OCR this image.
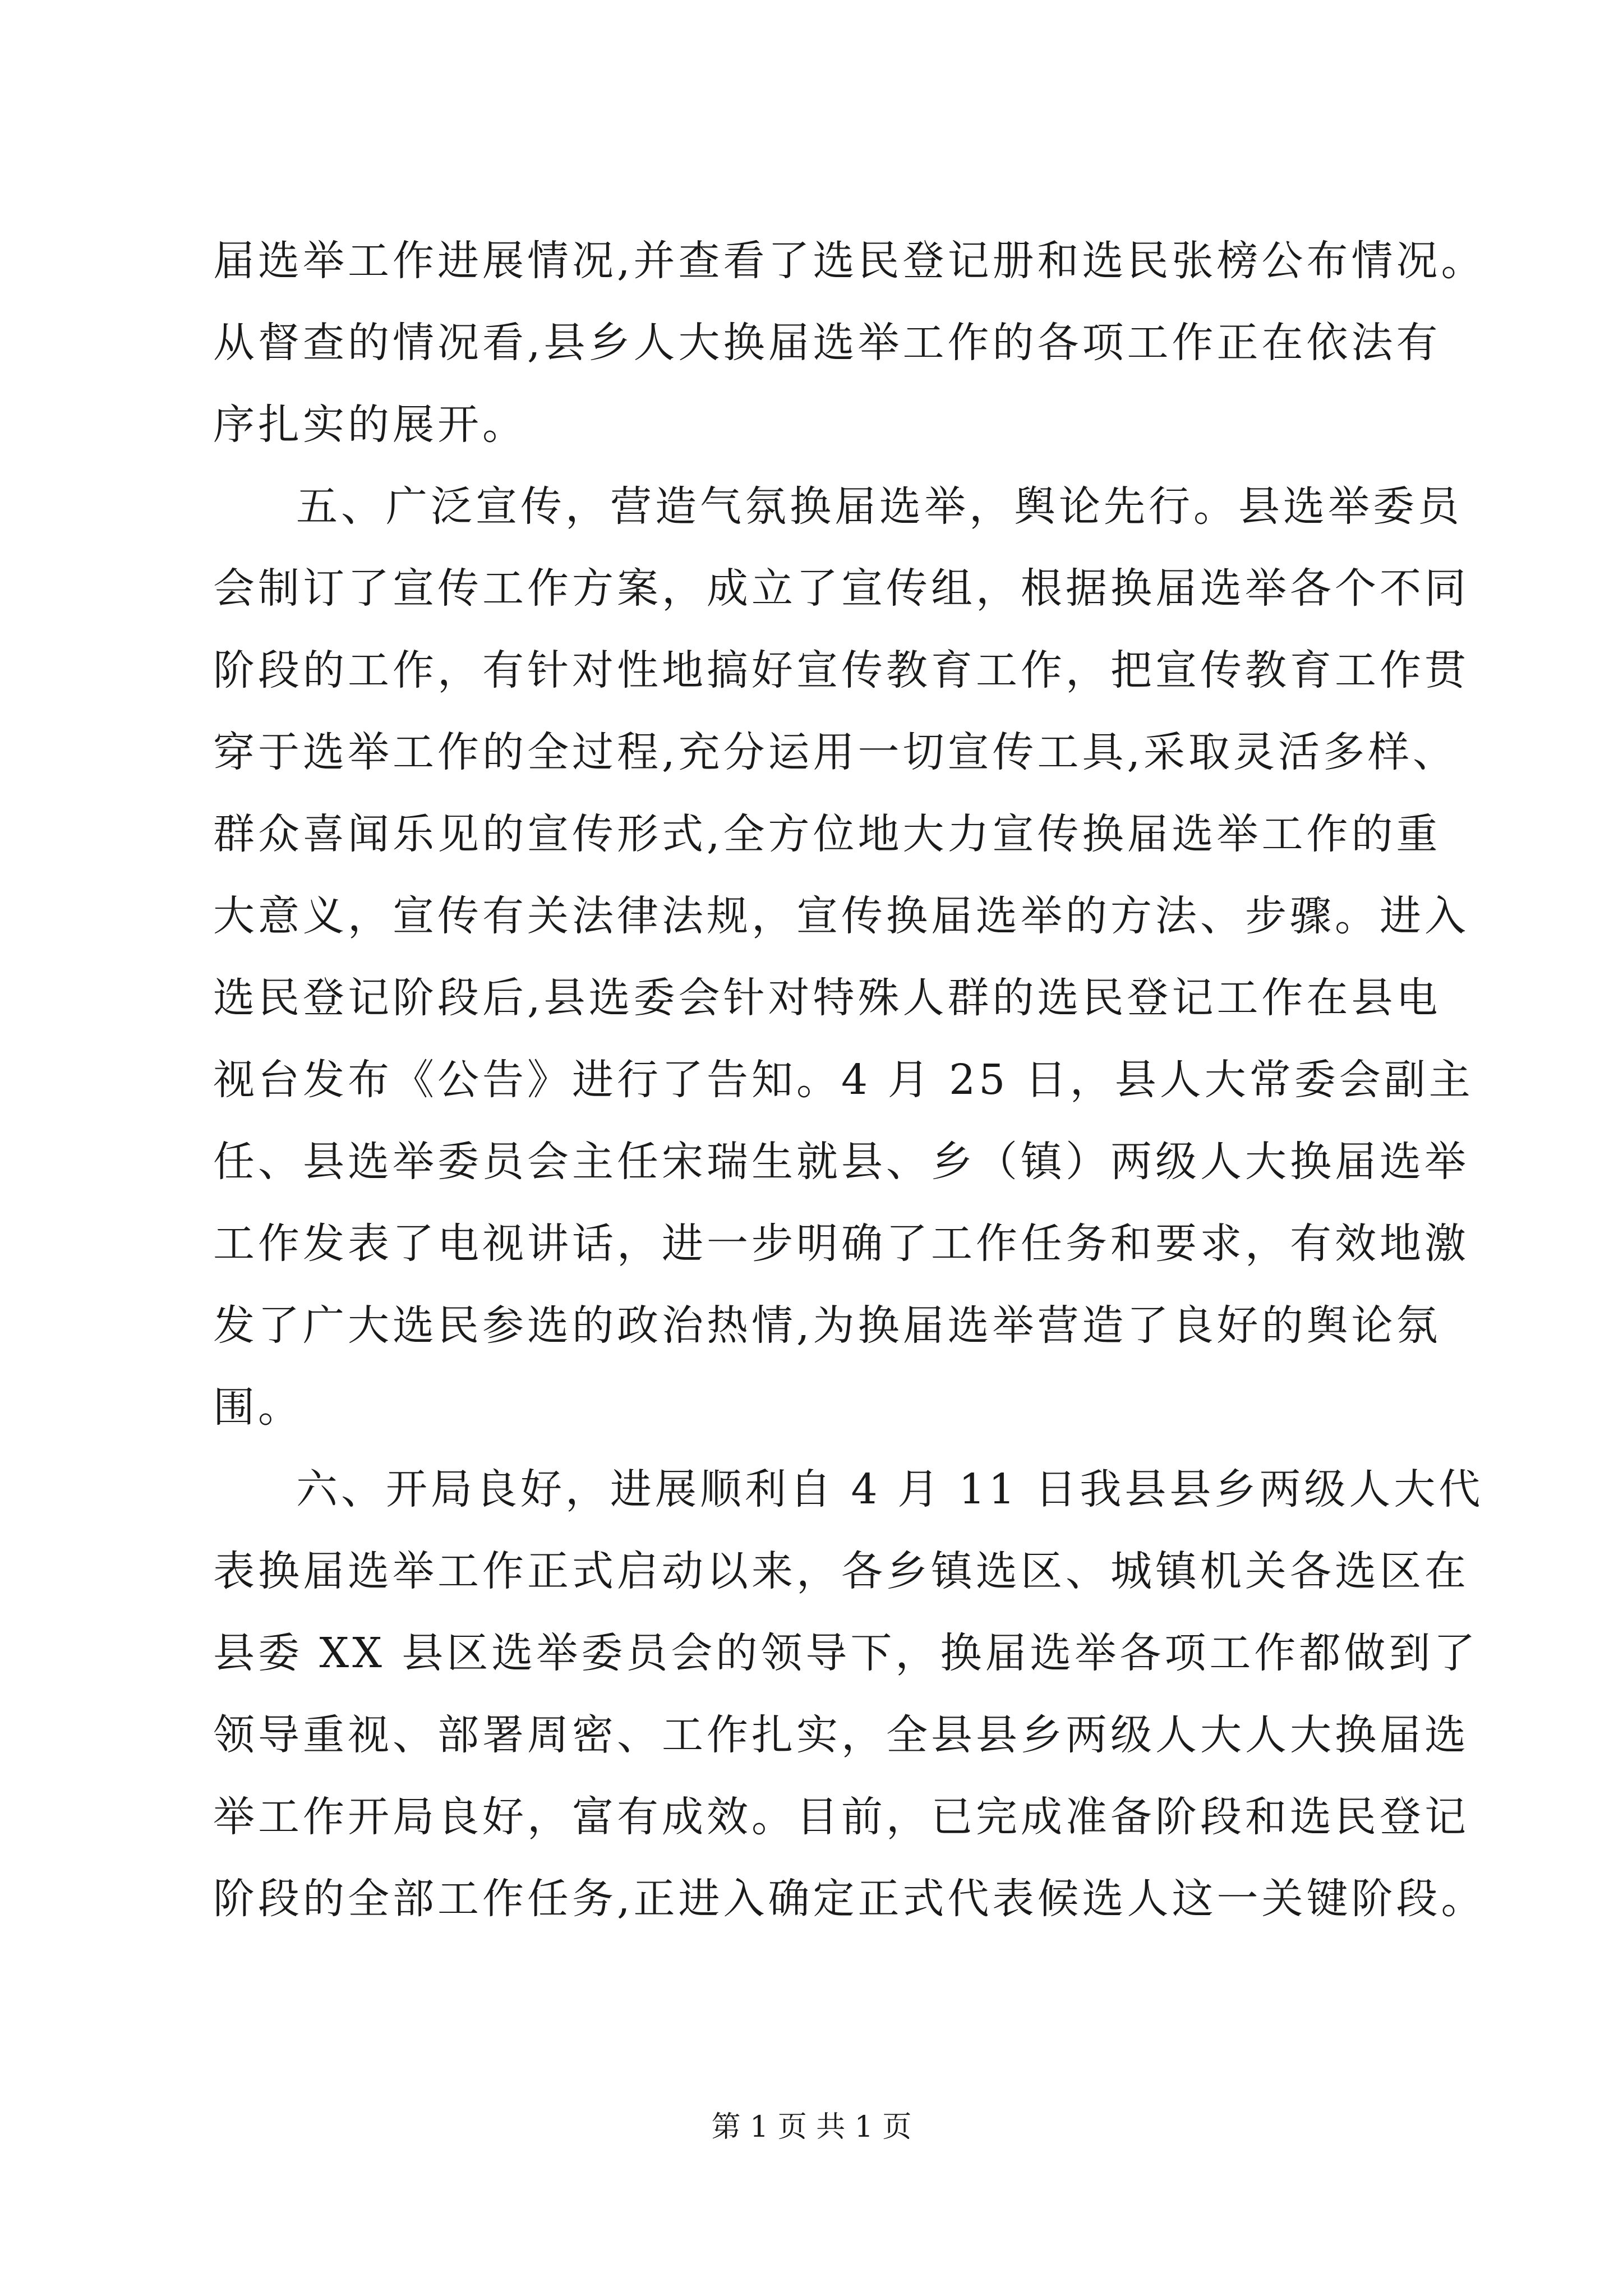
届选举工作进展情况,并查看了选民登记册和选民张榜公布情况。
从督查的情况看,县乡人大换届选举工作的各项工作正在依法有
序扎实的展开。
五、广泛宣传，营造气氛换届选举，舆论先行。县选举委员
会制订了宣传工作方案，成立了宣传组，根据换届选举各个不同
阶段的工作，有针对性地搞好宣传教育工作，把宣传教育工作贯
穿于选举工作的全过程,充分运用一切宣传工具,采取灵活多样、
群众喜闻乐见的宣传形式,全方位地大力宣传换届选举工作的重
大意义，宣传有关法律法规，宣传换届选举的方法、步骤。进入
选民登记阶段后,县选委会针对特殊人群的选民登记工作在县电
视台发布《公告》进行了告知。4 月 25 日，县人大常委会副主
任、县选举委员会主任宋瑞生就县、乡（镇）两级人大换届选举
工作发表了电视讲话，进一步明确了工作任务和要求，有效地激
发了广大选民参选的政治热情,为换届选举营造了良好的舆论氛
围。
六、开局良好，进展顺利自 4 月 11 日我县县乡两级人大代
表换届选举工作正式启动以来，各乡镇选区、城镇机关各选区在
县委 XX 县区选举委员会的领导下，换届选举各项工作都做到了
领导重视、部署周密、工作扎实，全县县乡两级人大人大换届选
举工作开局良好，富有成效。目前，已完成准备阶段和选民登记
阶段的全部工作任务,正进入确定正式代表候选人这一关键阶段。
第 1 页 共 1 页
